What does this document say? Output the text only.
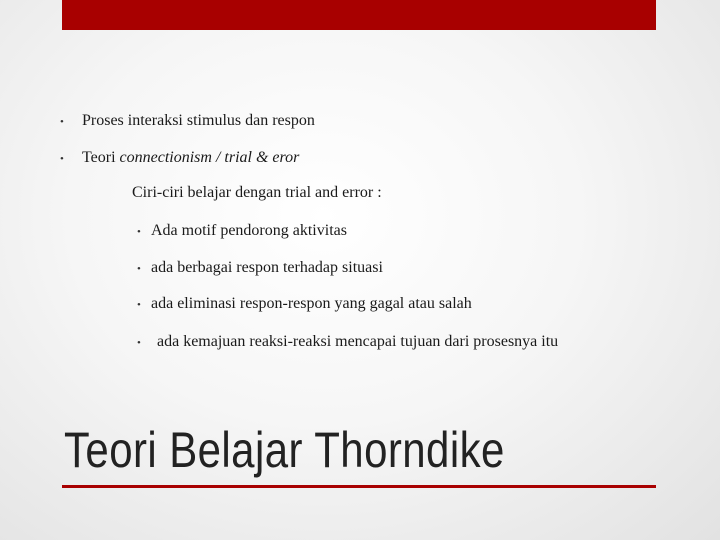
•	Proses interaksi stimulus dan respon
•	Teori connectionism / trial & eror
Ciri-ciri belajar dengan trial and error :
• Ada motif pendorong aktivitas
• ada berbagai respon terhadap situasi
• ada eliminasi respon-respon yang gagal atau salah
•	ada kemajuan reaksi-reaksi mencapai tujuan dari prosesnya itu
Teori Belajar Thorndike
